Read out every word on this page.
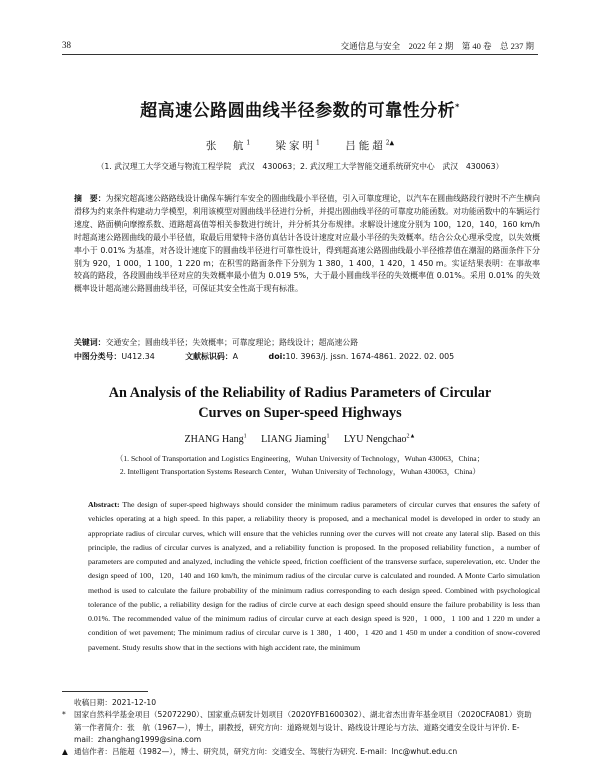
38	交通信息与安全　2022 年 2 期　第 40 卷　总 237 期
超高速公路圆曲线半径参数的可靠性分析*
张　航$^1$ 梁家明$^1$ 吕能超$^{2▲}$
（1. 武汉理工大学交通与物流工程学院　武汉　430063；2. 武汉理工大学智能交通系统研究中心　武汉　430063）
摘　要：为探究超高速公路路线设计确保车辆行车安全的圆曲线最小半径值，引入可靠度理论，以汽车在圆曲线路段行驶时不产生横向滑移为约束条件构建动力学模型，利用该模型对圆曲线半径进行分析，并提出圆曲线半径的可靠度功能函数。对功能函数中的车辆运行速度、路面横向摩擦系数、道路超高值等相关参数进行统计，并分析其分布规律。求解设计速度分别为 100，120，140，160 km/h 时超高速公路圆曲线的最小半径值，取最后用蒙特卡洛仿真估计各设计速度对应最小半径的失效概率。结合公众心理承受度，以失效概率小于 0.01% 为基准，对各设计速度下的圆曲线半径进行可靠性设计，得到超高速公路圆曲线最小半径推荐值在潮湿的路面条件下分别为 920，1 000，1 100，1 220 m；在积雪的路面条件下分别为 1 380，1 400，1 420，1 450 m。实证结果表明：在事故率较高的路段，各段圆曲线半径对应的失效概率最小值为 0.019 5%，大于最小圆曲线半径的失效概率值 0.01%。采用 0.01% 的失效概率设计超高速公路圆曲线半径，可保证其安全性高于现有标准。
关键词：交通安全；圆曲线半径；失效概率；可靠度理论；路线设计；超高速公路
中图分类号：U412.34	文献标识码：A	doi:10. 3963/j. jssn. 1674-4861. 2022. 02. 005
An Analysis of the Reliability of Radius Parameters of Circular
Curves on Super-speed Highways
ZHANG Hang$^1$ LIANG Jiaming$^1$ LYU Nengchao$^{2▲}$
（1. School of Transportation and Logistics Engineering，Wuhan University of Technology，Wuhan 430063，China；
2. Intelligent Transportation Systems Research Center，Wuhan University of Technology，Wuhan 430063，China）
Abstract: The design of super-speed highways should consider the minimum radius parameters of circular curves that ensures the safety of vehicles operating at a high speed. In this paper, a reliability theory is proposed, and a mechanical model is developed in order to study an appropriate radius of circular curves, which will ensure that the vehicles running over the curves will not create any lateral slip. Based on this principle, the radius of circular curves is analyzed, and a reliability function is proposed. In the proposed reliability function，a number of parameters are computed and analyzed, including the vehicle speed, friction coefficient of the transverse surface, superelevation, etc. Under the design speed of 100，120，140 and 160 km/h, the minimum radius of the circular curve is calculated and rounded. A Monte Carlo simulation method is used to calculate the failure probability of the minimum radius corresponding to each design speed. Combined with psychological tolerance of the public, a reliability design for the radius of circle curve at each design speed should ensure the failure probability is less than 0.01%. The recommended value of the minimum radius of circular curve at each design speed is 920，1 000，1 100 and 1 220 m under a condition of wet pavement; The minimum radius of circular curve is 1 380，1 400，1 420 and 1 450 m under a condition of snow-covered pavement. Study results show that in the sections with high accident rate, the minimum
收稿日期：2021-12-10
* 国家自然科学基金项目（52072290）、国家重点研发计划项目（2020YFB1600302）、湖北省杰出青年基金项目（2020CFA081）资助
第一作者简介：张　航（1967—），博士，副教授，研究方向：道路规划与设计、路线设计理论与方法、道路交通安全设计与评价. E-mail：zhanghang1999@sina.com
▲ 通信作者：吕能超（1982—），博士、研究员，研究方向：交通安全、驾驶行为研究. E-mail：lnc@whut.edu.cn
